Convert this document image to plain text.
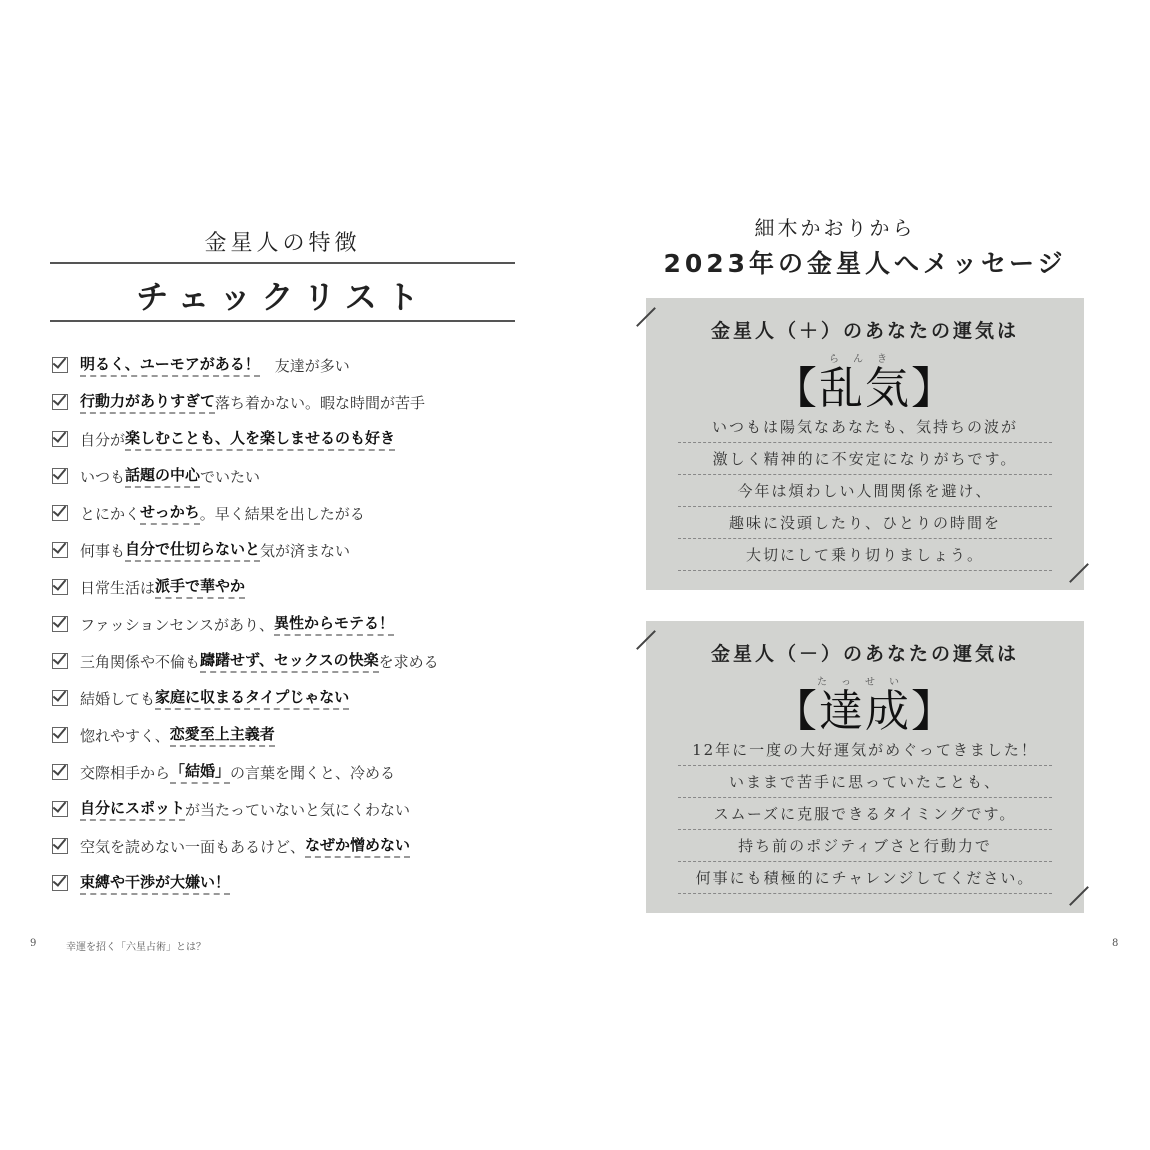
金星人の特徴
チェックリスト
明るく、ユーモアがある！ 　友達が多い
行動力がありすぎて 落ち着かない。暇な時間が苦手
自分が 楽しむことも、人を楽しませるのも好き
いつも 話題の中心 でいたい
とにかく せっかち 。早く結果を出したがる
何事も 自分で仕切らないと 気が済まない
日常生活は 派手で華やか
ファッションセンスがあり、 異性からモテる！
三角関係や不倫も 躊躇せず、セックスの快楽 を求める
結婚しても 家庭に収まるタイプじゃない
惚れやすく、 恋愛至上主義者
交際相手から 「結婚」 の言葉を聞くと、冷める
自分にスポット が当たっていないと気にくわない
空気を読めない一面もあるけど、 なぜか憎めない
束縛や干渉が大嫌い！
9	幸運を招く「六星占術」とは？
細木かおりから
2023年の金星人へメッセージ
金星人（＋）のあなたの運気は
らんき
【乱気】
いつもは陽気なあなたも、気持ちの波が
激しく精神的に不安定になりがちです。
今年は煩わしい人間関係を避け、
趣味に没頭したり、ひとりの時間を
大切にして乗り切りましょう。
金星人（－）のあなたの運気は
たっせい
【達成】
12年に一度の大好運気がめぐってきました！
いままで苦手に思っていたことも、
スムーズに克服できるタイミングです。
持ち前のポジティブさと行動力で
何事にも積極的にチャレンジしてください。
8
